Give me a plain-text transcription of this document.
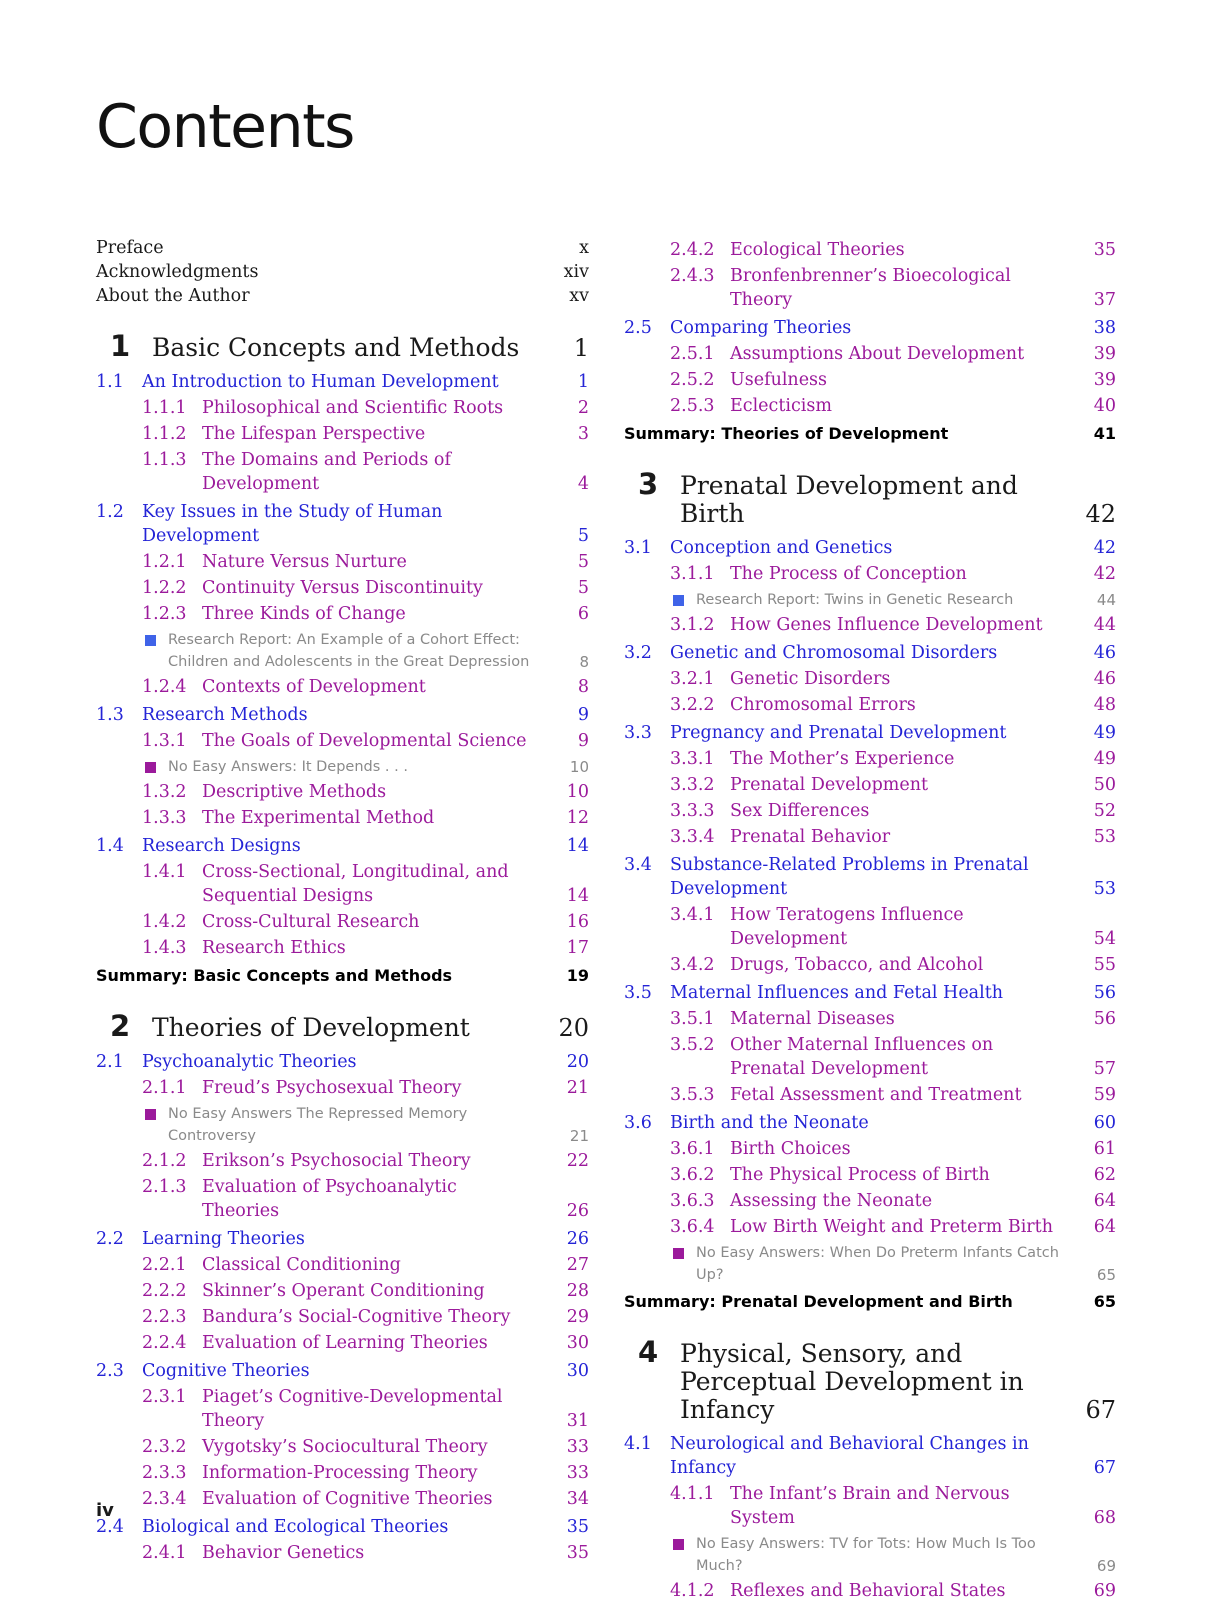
Contents
Preface	x
Acknowledgments	xiv
About the Author	xv
1 Basic Concepts and Methods	1
1.1	An Introduction to Human Development	1
1.1.1 Philosophical and Scientific Roots	2
1.1.2 The Lifespan Perspective	3
1.1.3 The Domains and Periods of Development	4
1.2	Key Issues in the Study of Human Development	5
1.2.1 Nature Versus Nurture	5
1.2.2 Continuity Versus Discontinuity	5
1.2.3 Three Kinds of Change	6
Research Report: An Example of a Cohort Effect: Children and Adolescents in the Great Depression	8
1.2.4 Contexts of Development	8
1.3	Research Methods	9
1.3.1 The Goals of Developmental Science	9
No Easy Answers: It Depends . . .	10
1.3.2 Descriptive Methods	10
1.3.3 The Experimental Method	12
1.4	Research Designs	14
1.4.1 Cross-Sectional, Longitudinal, and Sequential Designs	14
1.4.2 Cross-Cultural Research	16
1.4.3 Research Ethics	17
Summary: Basic Concepts and Methods	19
2 Theories of Development	20
2.1	Psychoanalytic Theories	20
2.1.1 Freud’s Psychosexual Theory	21
No Easy Answers The Repressed Memory Controversy	21
2.1.2 Erikson’s Psychosocial Theory	22
2.1.3 Evaluation of Psychoanalytic Theories	26
2.2	Learning Theories	26
2.2.1 Classical Conditioning	27
2.2.2 Skinner’s Operant Conditioning	28
2.2.3 Bandura’s Social-Cognitive Theory	29
2.2.4 Evaluation of Learning Theories	30
2.3	Cognitive Theories	30
2.3.1 Piaget’s Cognitive-Developmental Theory	31
2.3.2 Vygotsky’s Sociocultural Theory	33
2.3.3 Information-Processing Theory	33
2.3.4 Evaluation of Cognitive Theories	34
2.4	Biological and Ecological Theories	35
2.4.1 Behavior Genetics	35
2.4.2 Ecological Theories	35
2.4.3 Bronfenbrenner’s Bioecological Theory	37
2.5	Comparing Theories	38
2.5.1 Assumptions About Development	39
2.5.2 Usefulness	39
2.5.3 Eclecticism	40
Summary: Theories of Development	41
3 Prenatal Development and Birth	42
3.1	Conception and Genetics	42
3.1.1 The Process of Conception	42
Research Report: Twins in Genetic Research	44
3.1.2 How Genes Influence Development	44
3.2	Genetic and Chromosomal Disorders	46
3.2.1 Genetic Disorders	46
3.2.2 Chromosomal Errors	48
3.3	Pregnancy and Prenatal Development	49
3.3.1 The Mother’s Experience	49
3.3.2 Prenatal Development	50
3.3.3 Sex Differences	52
3.3.4 Prenatal Behavior	53
3.4	Substance-Related Problems in Prenatal Development	53
3.4.1 How Teratogens Influence Development	54
3.4.2 Drugs, Tobacco, and Alcohol	55
3.5	Maternal Influences and Fetal Health	56
3.5.1 Maternal Diseases	56
3.5.2 Other Maternal Influences on Prenatal Development	57
3.5.3 Fetal Assessment and Treatment	59
3.6	Birth and the Neonate	60
3.6.1 Birth Choices	61
3.6.2 The Physical Process of Birth	62
3.6.3 Assessing the Neonate	64
3.6.4 Low Birth Weight and Preterm Birth	64
No Easy Answers: When Do Preterm Infants Catch Up?	65
Summary: Prenatal Development and Birth	65
4 Physical, Sensory, and Perceptual Development in Infancy	67
4.1	Neurological and Behavioral Changes in Infancy	67
4.1.1 The Infant’s Brain and Nervous System	68
No Easy Answers: TV for Tots: How Much Is Too Much?	69
4.1.2 Reflexes and Behavioral States	69
iv
